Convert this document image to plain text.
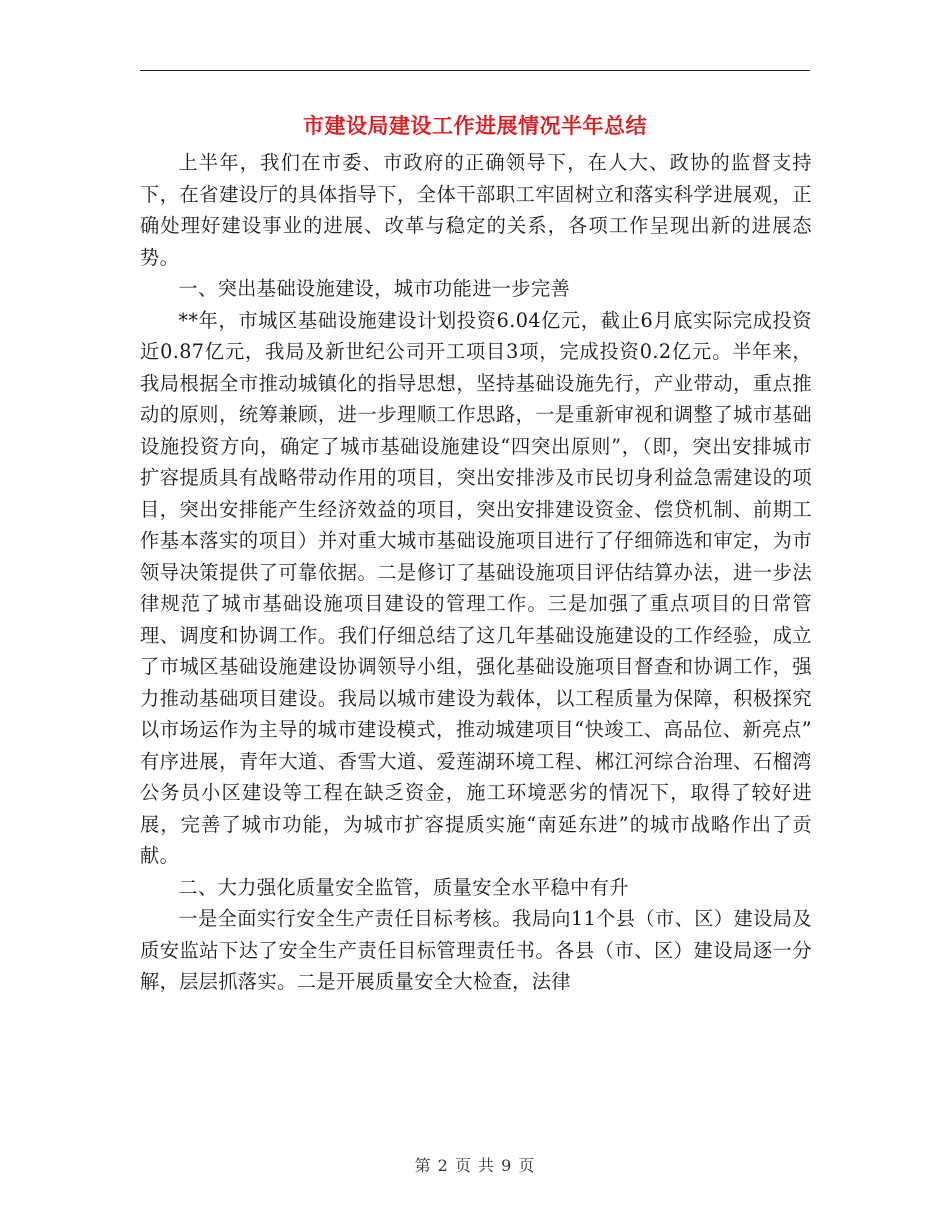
市建设局建设工作进展情况半年总结

上半年，我们在市委、市政府的正确领导下，在人大、政协的监督支持下，在省建设厅的具体指导下，全体干部职工牢固树立和落实科学进展观，正确处理好建设事业的进展、改革与稳定的关系，各项工作呈现出新的进展态势。

一、突出基础设施建设，城市功能进一步完善

**年，市城区基础设施建设计划投资6.04亿元，截止6月底实际完成投资近0.87亿元，我局及新世纪公司开工项目3项，完成投资0.2亿元。半年来，我局根据全市推动城镇化的指导思想，坚持基础设施先行，产业带动，重点推动的原则，统筹兼顾，进一步理顺工作思路，一是重新审视和调整了城市基础设施投资方向，确定了城市基础设施建设“四突出原则”，（即，突出安排城市扩容提质具有战略带动作用的项目，突出安排涉及市民切身利益急需建设的项目，突出安排能产生经济效益的项目，突出安排建设资金、偿贷机制、前期工作基本落实的项目）并对重大城市基础设施项目进行了仔细筛选和审定，为市领导决策提供了可靠依据。二是修订了基础设施项目评估结算办法，进一步法律规范了城市基础设施项目建设的管理工作。三是加强了重点项目的日常管理、调度和协调工作。我们仔细总结了这几年基础设施建设的工作经验，成立了市城区基础设施建设协调领导小组，强化基础设施项目督查和协调工作，强力推动基础项目建设。我局以城市建设为载体，以工程质量为保障，积极探究以市场运作为主导的城市建设模式，推动城建项目“快竣工、高品位、新亮点” 有序进展，青年大道、香雪大道、爱莲湖环境工程、郴江河综合治理、石榴湾公务员小区建设等工程在缺乏资金，施工环境恶劣的情况下，取得了较好进展，完善了城市功能，为城市扩容提质实施“南延东进”的城市战略作出了贡献。

二、大力强化质量安全监管，质量安全水平稳中有升

一是全面实行安全生产责任目标考核。我局向11个县（市、区）建设局及质安监站下达了安全生产责任目标管理责任书。各县（市、区）建设局逐一分解，层层抓落实。二是开展质量安全大检查，法律

第 2 页 共 9 页
